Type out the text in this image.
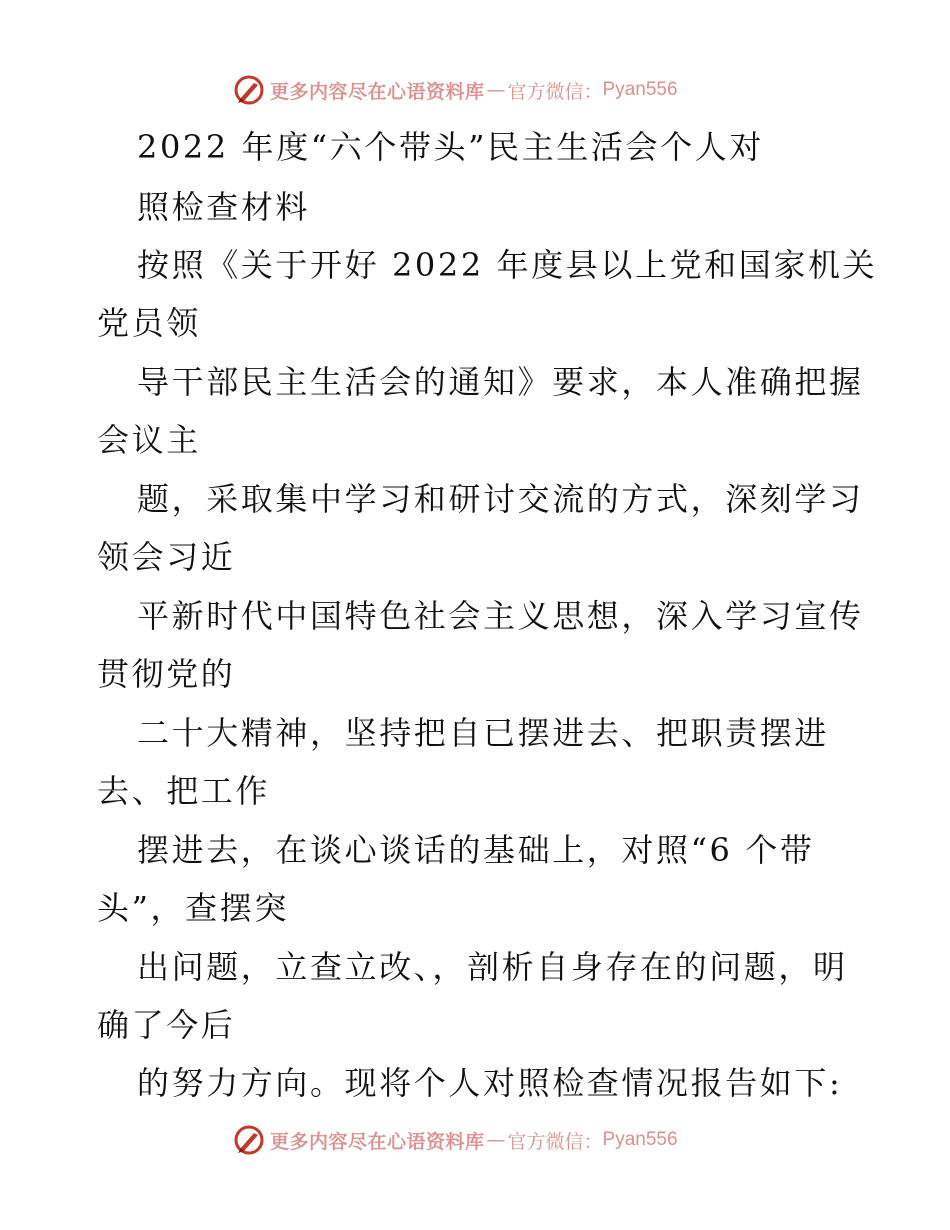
更多内容尽在心语资料库 — 官方微信： Pyan556
2022 年度“六个带头”民主生活会个人对
照检查材料
按照《关于开好 2022 年度县以上党和国家机关
党员领
导干部民主生活会的通知》要求，本人准确把握
会议主
题，采取集中学习和研讨交流的方式，深刻学习
领会习近
平新时代中国特色社会主义思想，深入学习宣传
贯彻党的
二十大精神，坚持把自已摆进去、把职责摆进
去、把工作
摆进去，在谈心谈话的基础上，对照“6 个带
头”，查摆突
出问题，立查立改、，剖析自身存在的问题，明
确了今后
的努力方向。现将个人对照检查情况报告如下:
更多内容尽在心语资料库 — 官方微信： Pyan556
